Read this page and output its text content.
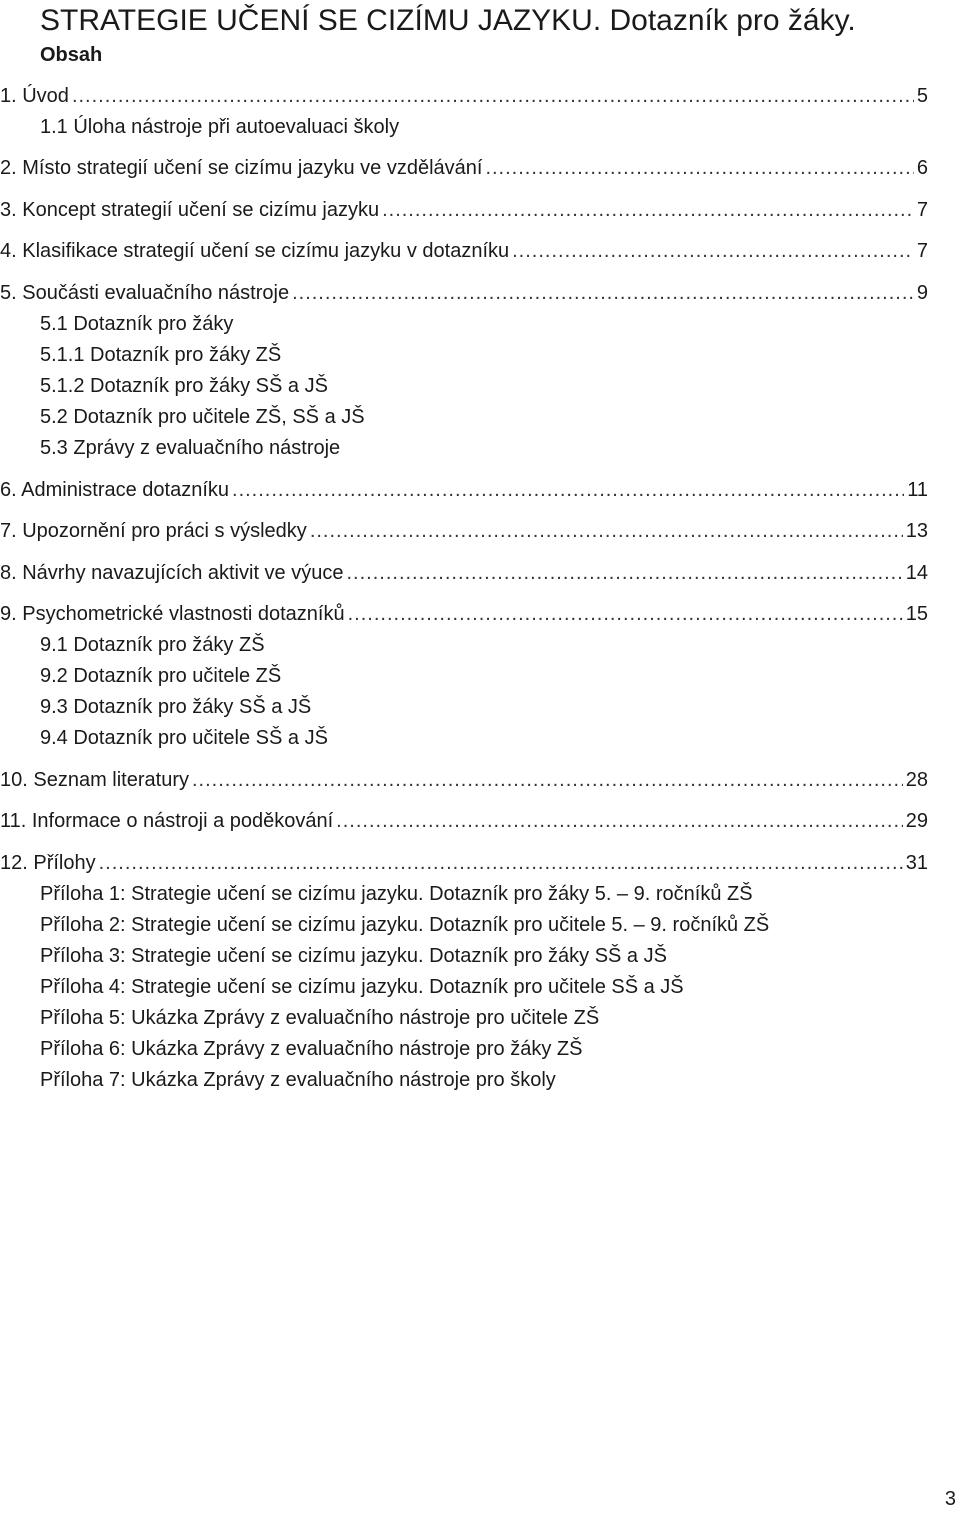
STRATEGIE UČENÍ SE CIZÍMU JAZYKU. Dotazník pro žáky.
Obsah
1. Úvod .....	5
1.1 Úloha nástroje při autoevaluaci školy
2. Místo strategií učení se cizímu jazyku ve vzdělávání .....	6
3. Koncept strategií učení se cizímu jazyku .....	7
4. Klasifikace strategií učení se cizímu jazyku v dotazníku .....	7
5. Součásti evaluačního nástroje .....	9
5.1 Dotazník pro žáky
5.1.1 Dotazník pro žáky ZŠ
5.1.2 Dotazník pro žáky SŠ a JŠ
5.2 Dotazník pro učitele ZŠ, SŠ a JŠ
5.3 Zprávy z evaluačního nástroje
6. Administrace dotazníku .....	11
7. Upozornění pro práci s výsledky .....	13
8. Návrhy navazujících aktivit ve výuce .....	14
9. Psychometrické vlastnosti dotazníků .....	15
9.1 Dotazník pro žáky ZŠ
9.2 Dotazník pro učitele ZŠ
9.3 Dotazník pro žáky SŠ a JŠ
9.4 Dotazník pro učitele SŠ a JŠ
10. Seznam literatury .....	28
11. Informace o nástroji a poděkování .....	29
12. Přílohy .....	31
Příloha 1: Strategie učení se cizímu jazyku. Dotazník pro žáky 5. – 9. ročníků ZŠ
Příloha 2: Strategie učení se cizímu jazyku. Dotazník pro učitele 5. – 9. ročníků ZŠ
Příloha 3: Strategie učení se cizímu jazyku. Dotazník pro žáky SŠ a JŠ
Příloha 4: Strategie učení se cizímu jazyku. Dotazník pro učitele SŠ a JŠ
Příloha 5: Ukázka Zprávy z evaluačního nástroje pro učitele ZŠ
Příloha 6: Ukázka Zprávy z evaluačního nástroje pro žáky ZŠ
Příloha 7: Ukázka Zprávy z evaluačního nástroje pro školy
3
